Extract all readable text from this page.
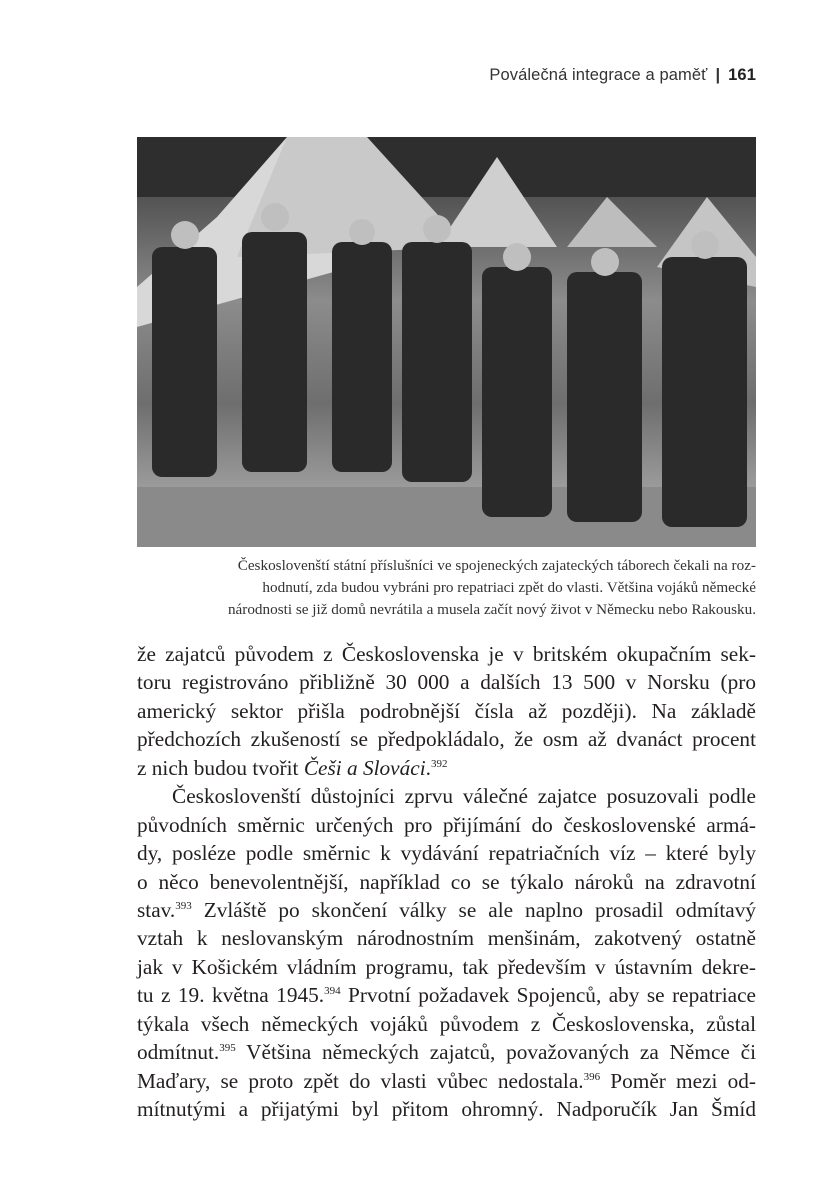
Poválečná integrace a paměť | 161
Českoslovenští státní příslušníci ve spojeneckých zajateckých táborech čekali na roz-
hodnutí, zda budou vybráni pro repatriaci zpět do vlasti. Většina vojáků německé
národnosti se již domů nevrátila a musela začít nový život v Německu nebo Rakousku.
že zajatců původem z Československa je v britském okupačním sek-
toru registrováno přibližně 30 000 a dalších 13 500 v Norsku (pro
americký sektor přišla podrobnější čísla až později). Na základě
předchozích zkušeností se předpokládalo, že osm až dvanáct procent
z nich budou tvořit Češi a Slováci.$^{392}$
Českoslovenští důstojníci zprvu válečné zajatce posuzovali podle
původních směrnic určených pro přijímání do československé armá-
dy, posléze podle směrnic k vydávání repatriačních víz – které byly
o něco benevolentnější, například co se týkalo nároků na zdravotní
stav.$^{393}$ Zvláště po skončení války se ale naplno prosadil odmítavý
vztah k neslovanským národnostním menšinám, zakotvený ostatně
jak v Košickém vládním programu, tak především v ústavním dekre-
tu z 19. května 1945.$^{394}$ Prvotní požadavek Spojenců, aby se repatriace
týkala všech německých vojáků původem z Československa, zůstal
odmítnut.$^{395}$ Většina německých zajatců, považovaných za Němce či
Maďary, se proto zpět do vlasti vůbec nedostala.$^{396}$ Poměr mezi od-
mítnutými a přijatými byl přitom ohromný. Nadporučík Jan Šmíd
